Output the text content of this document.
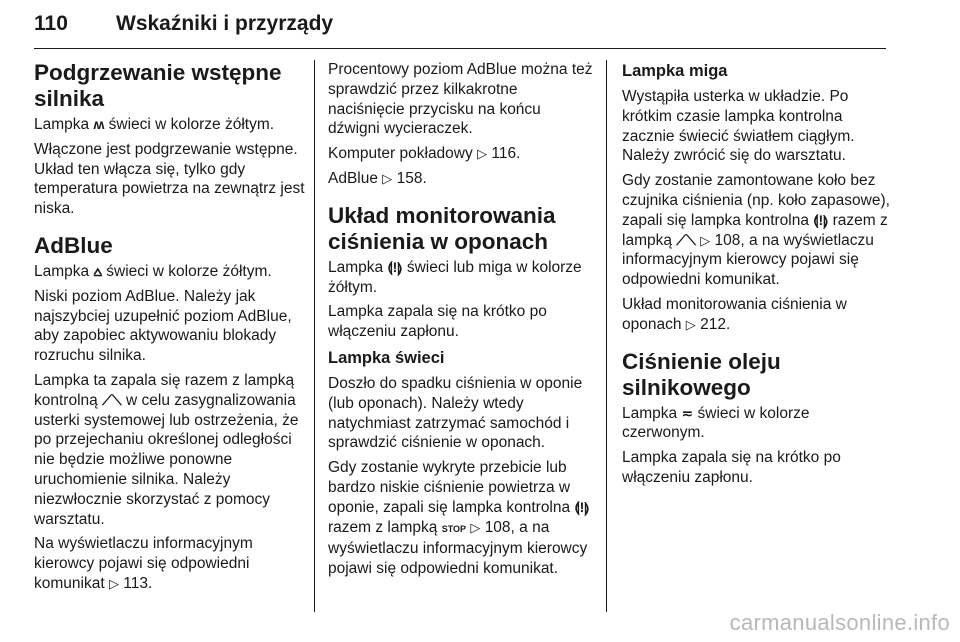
110 Wskaźniki i przyrządy
Podgrzewanie wstępne
silnika

Lampka ʍ świeci w kolorze żółtym.

Włączone jest podgrzewanie wstępne. Układ ten włącza się, tylko gdy temperatura powietrza na zewnątrz jest niska.

AdBlue

Lampka ⩟ świeci w kolorze żółtym.

Niski poziom AdBlue. Należy jak najszybciej uzupełnić poziom AdBlue, aby zapobiec aktywowaniu blokady rozruchu silnika.

Lampka ta zapala się razem z lampką kontrolną ⟋⟍ w celu zasygnalizowania usterki systemowej lub ostrzeżenia, że po przejechaniu określonej odległości nie będzie możliwe ponowne uruchomienie silnika. Należy niezwłocznie skorzystać z pomocy warsztatu.

Na wyświetlaczu informacyjnym kierowcy pojawi się odpowiedni komunikat ▷ 113.

Procentowy poziom AdBlue można też sprawdzić przez kilkakrotne naciśnięcie przycisku na końcu dźwigni wycieraczek.

Komputer pokładowy ▷ 116.

AdBlue ▷ 158.

Układ monitorowania
ciśnienia w oponach

Lampka ⟬!⟭ świeci lub miga w kolorze żółtym.

Lampka zapala się na krótko po włączeniu zapłonu.

Lampka świeci

Doszło do spadku ciśnienia w oponie (lub oponach). Należy wtedy natychmiast zatrzymać samochód i sprawdzić ciśnienie w oponach.

Gdy zostanie wykryte przebicie lub bardzo niskie ciśnienie powietrza w oponie, zapali się lampka kontrolna ⟬!⟭ razem z lampką STOP ▷ 108, a na wyświetlaczu informacyjnym kierowcy pojawi się odpowiedni komunikat.

Lampka miga

Wystąpiła usterka w układzie. Po krótkim czasie lampka kontrolna zacznie świecić światłem ciągłym. Należy zwrócić się do warsztatu.

Gdy zostanie zamontowane koło bez czujnika ciśnienia (np. koło zapasowe), zapali się lampka kontrolna ⟬!⟭ razem z lampką ⟋⟍ ▷ 108, a na wyświetlaczu informacyjnym kierowcy pojawi się odpowiedni komunikat.

Układ monitorowania ciśnienia w oponach ▷ 212.

Ciśnienie oleju silnikowego

Lampka ≂ świeci w kolorze czerwonym.

Lampka zapala się na krótko po włączeniu zapłonu.

carmanualsonline.info
